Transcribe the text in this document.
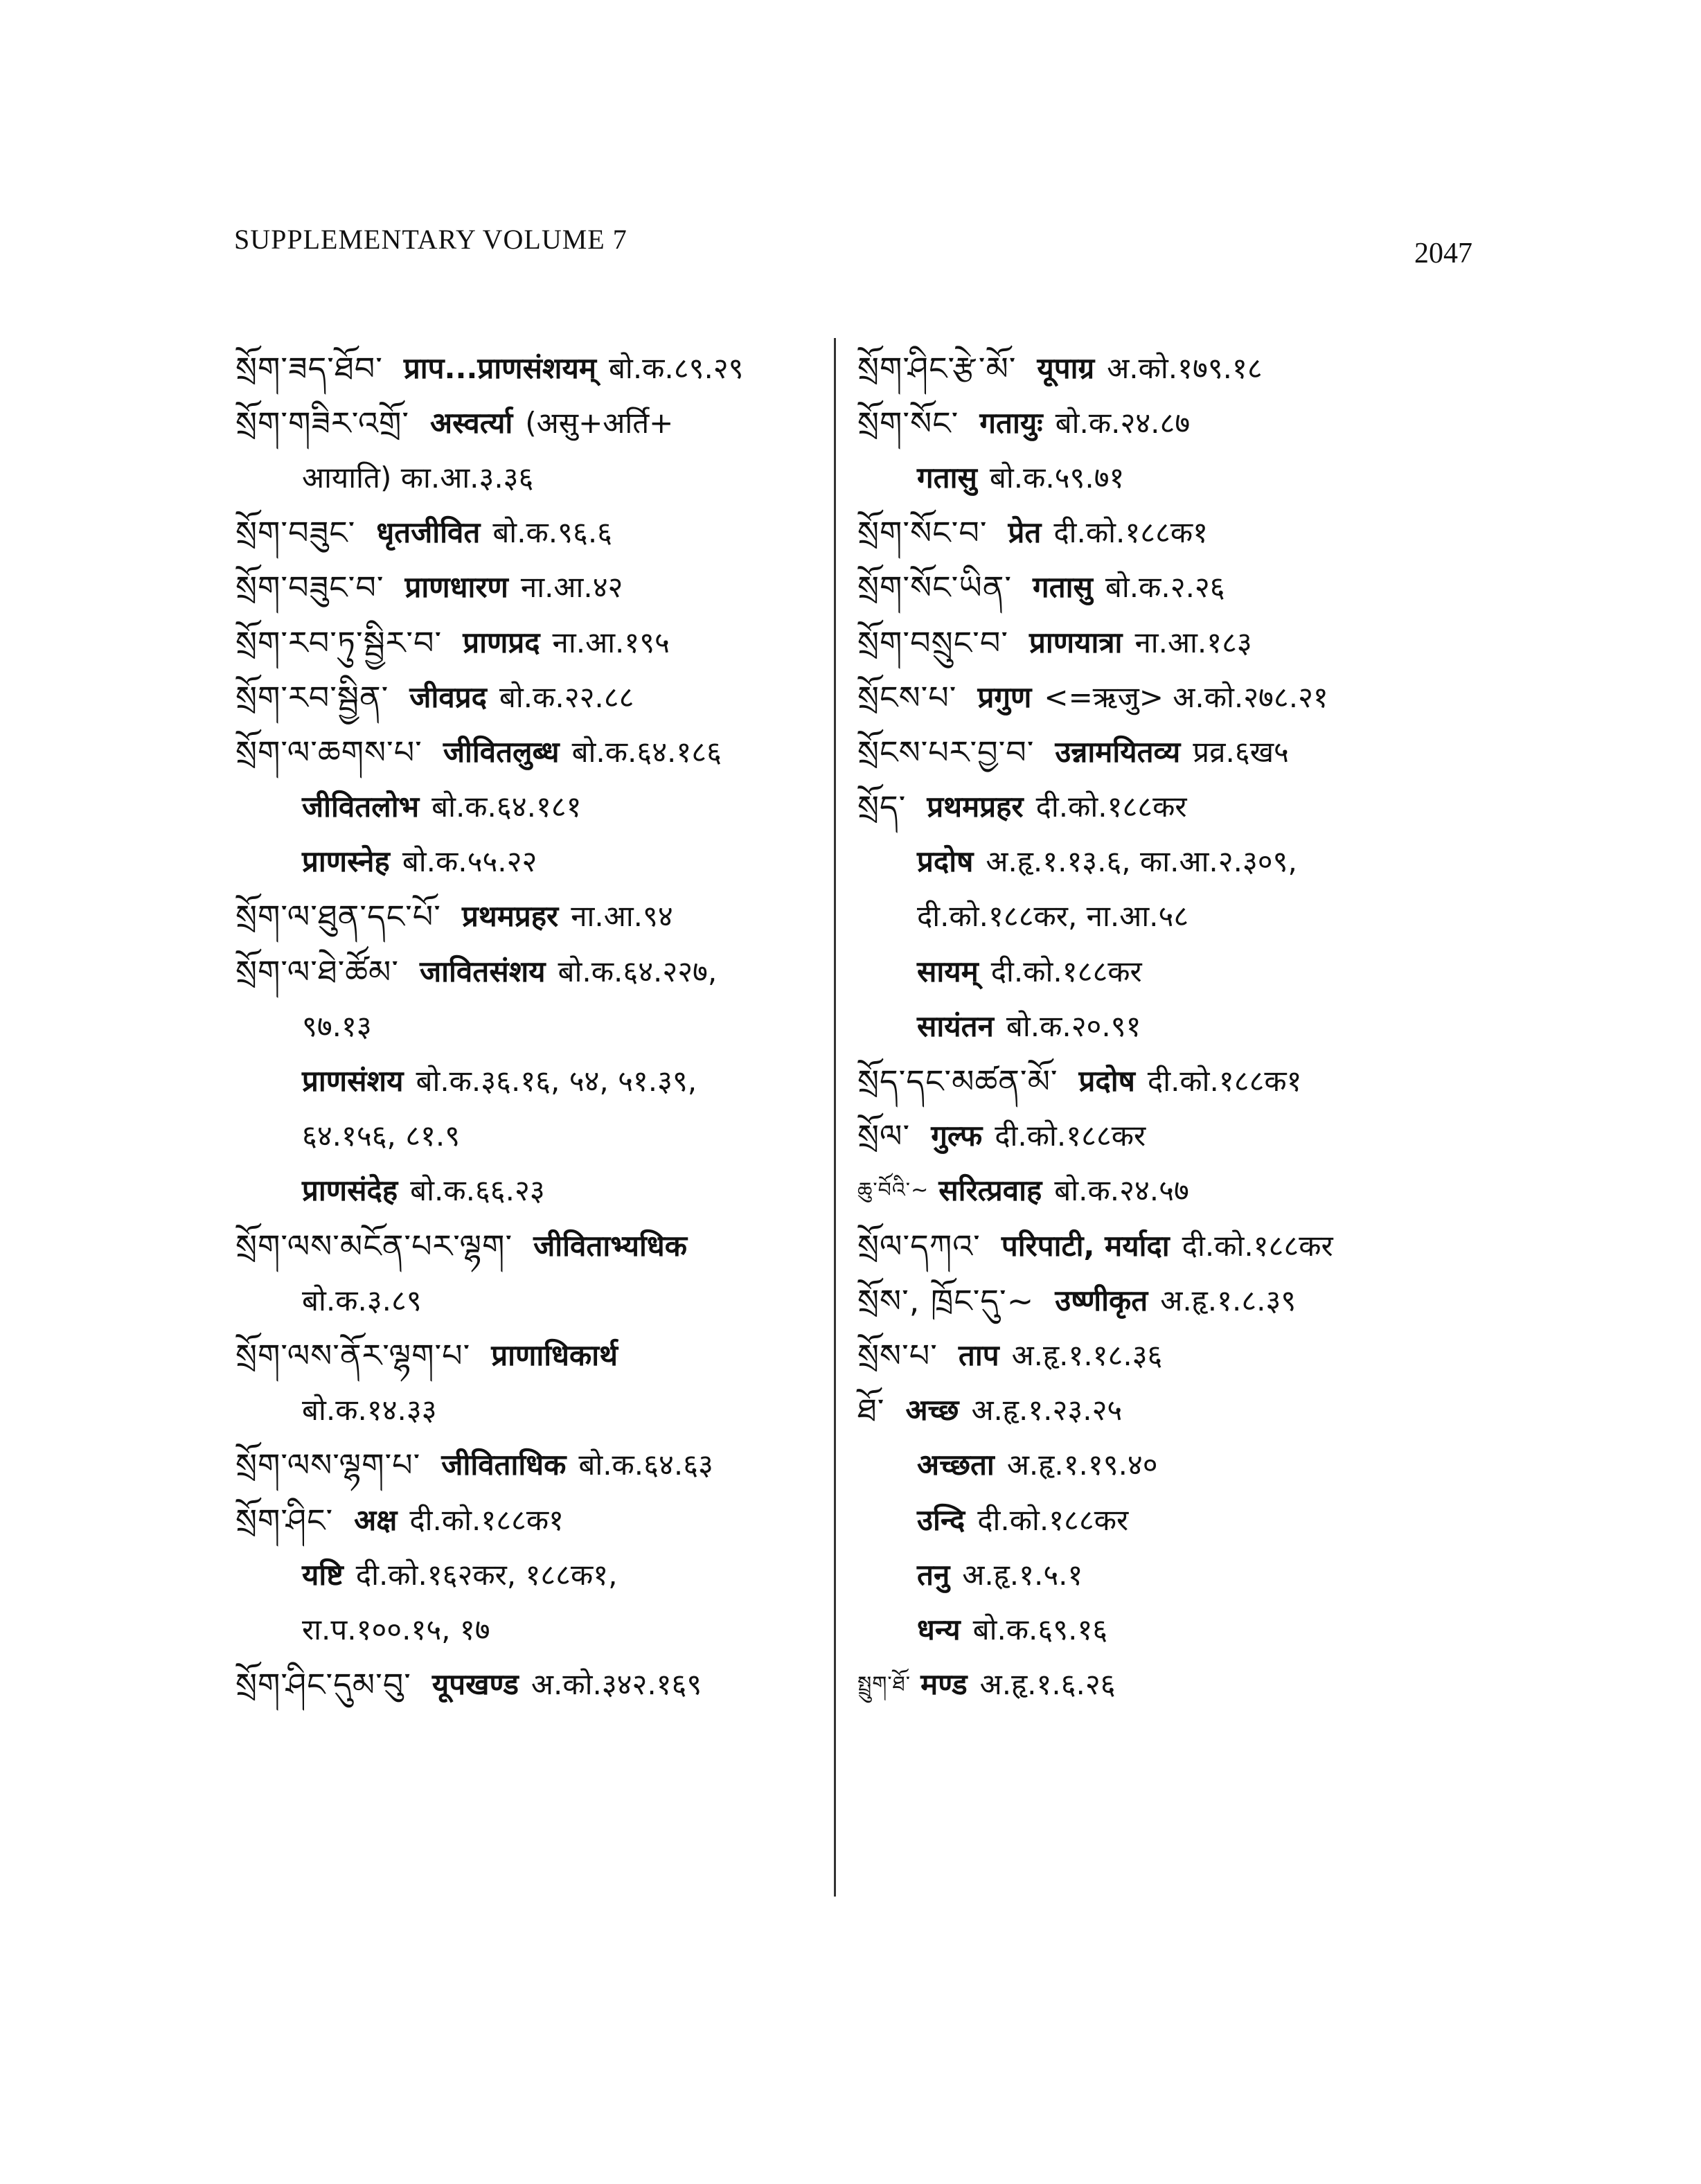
SUPPLEMENTARY VOLUME 7	2047
སྲོག་ཟད་ཐོབ་ प्राप...प्राणसंशयम् बो.क.८९.२९
སྲོག་གཟིར་འགྲོ་ अस्वर्त्या (असु+अर्ति+
आयाति) का.आ.३.३६
སྲོག་བཟུང་ धृतजीवित बो.क.९६.६
སྲོག་བཟུང་བ་ प्राणधारण ना.आ.४२
སྲོག་རབ་ཏུ་སྦྱིར་བ་ प्राणप्रद ना.आ.१९५
སྲོག་རབ་སྦྱིན་ जीवप्रद बो.क.२२.८८
སྲོག་ལ་ཆགས་པ་ जीवितलुब्ध बो.क.६४.१८६
जीवितलोभ बो.क.६४.१८१
प्राणस्नेह बो.क.५५.२२
སྲོག་ལ་ཐུན་དང་པོ་ प्रथमप्रहर ना.आ.९४
སྲོག་ལ་ཐེ་ཚོམ་ जावितसंशय बो.क.६४.२२७,
९७.१३
प्राणसंशय बो.क.३६.१६, ५४, ५१.३९,
६४.१५६, ८१.९
प्राणसंदेह बो.क.६६.२३
སྲོག་ལས་མངོན་པར་ལྷག་ जीविताभ्यधिक
बो.क.३.८९
སྲོག་ལས་ནོར་ལྷག་པ་ प्राणाधिकार्थ
बो.क.१४.३३
སྲོག་ལས་ལྷག་པ་ जीविताधिक बो.क.६४.६३
སྲོག་ཤིང་ अक्ष दी.को.१८८क१
यष्टि दी.को.१६२कर, १८८क१,
रा.प.१००.१५, १७
སྲོག་ཤིང་དུམ་བུ་ यूपखण्ड अ.को.३४२.१६९
སྲོག་ཤིང་རྩེ་མོ་ यूपाग्र अ.को.१७९.१८
སྲོག་སོང་ गतायुः बो.क.२४.८७
गतासु बो.क.५९.७१
སྲོག་སོང་བ་ प्रेत दी.को.१८८क१
སྲོག་སོང་ཡིན་ गतासु बो.क.२.२६
སྲོག་བསྲུང་བ་ प्राणयात्रा ना.आ.१८३
སྲོངས་པ་ प्रगुण <=ऋजु> अ.को.२७८.२१
སྲོངས་པར་བྱ་བ་ उन्नामयितव्य प्रव्र.६ख५
སྲོད་ प्रथमप्रहर दी.को.१८८कर
प्रदोष अ.हृ.१.१३.६, का.आ.२.३०९,
दी.को.१८८कर, ना.आ.५८
सायम् दी.को.१८८कर
सायंतन बो.क.२०.९१
སྲོད་དང་མཚན་མོ་ प्रदोष दी.को.१८८क१
སྲོལ་ गुल्फ दी.को.१८८कर
ཆུ་བོའི་~ सरित्प्रवाह बो.क.२४.५७
སྲོལ་དཀའ་ परिपाटी, मर्यादा दी.को.१८८कर
སྲོས་, ཁྲོང་དུ་~ उष्णीकृत अ.हृ.१.८.३९
སྲོས་པ་ ताप अ.हृ.१.१८.३६
ཐོ་ अच्छ अ.हृ.१.२३.२५
अच्छता अ.हृ.१.१९.४०
उन्दि दी.को.१८८कर
तनु अ.हृ.१.५.१
धन्य बो.क.६९.१६
སྤྲུག་ཐོ་ मण्ड अ.हृ.१.६.२६
